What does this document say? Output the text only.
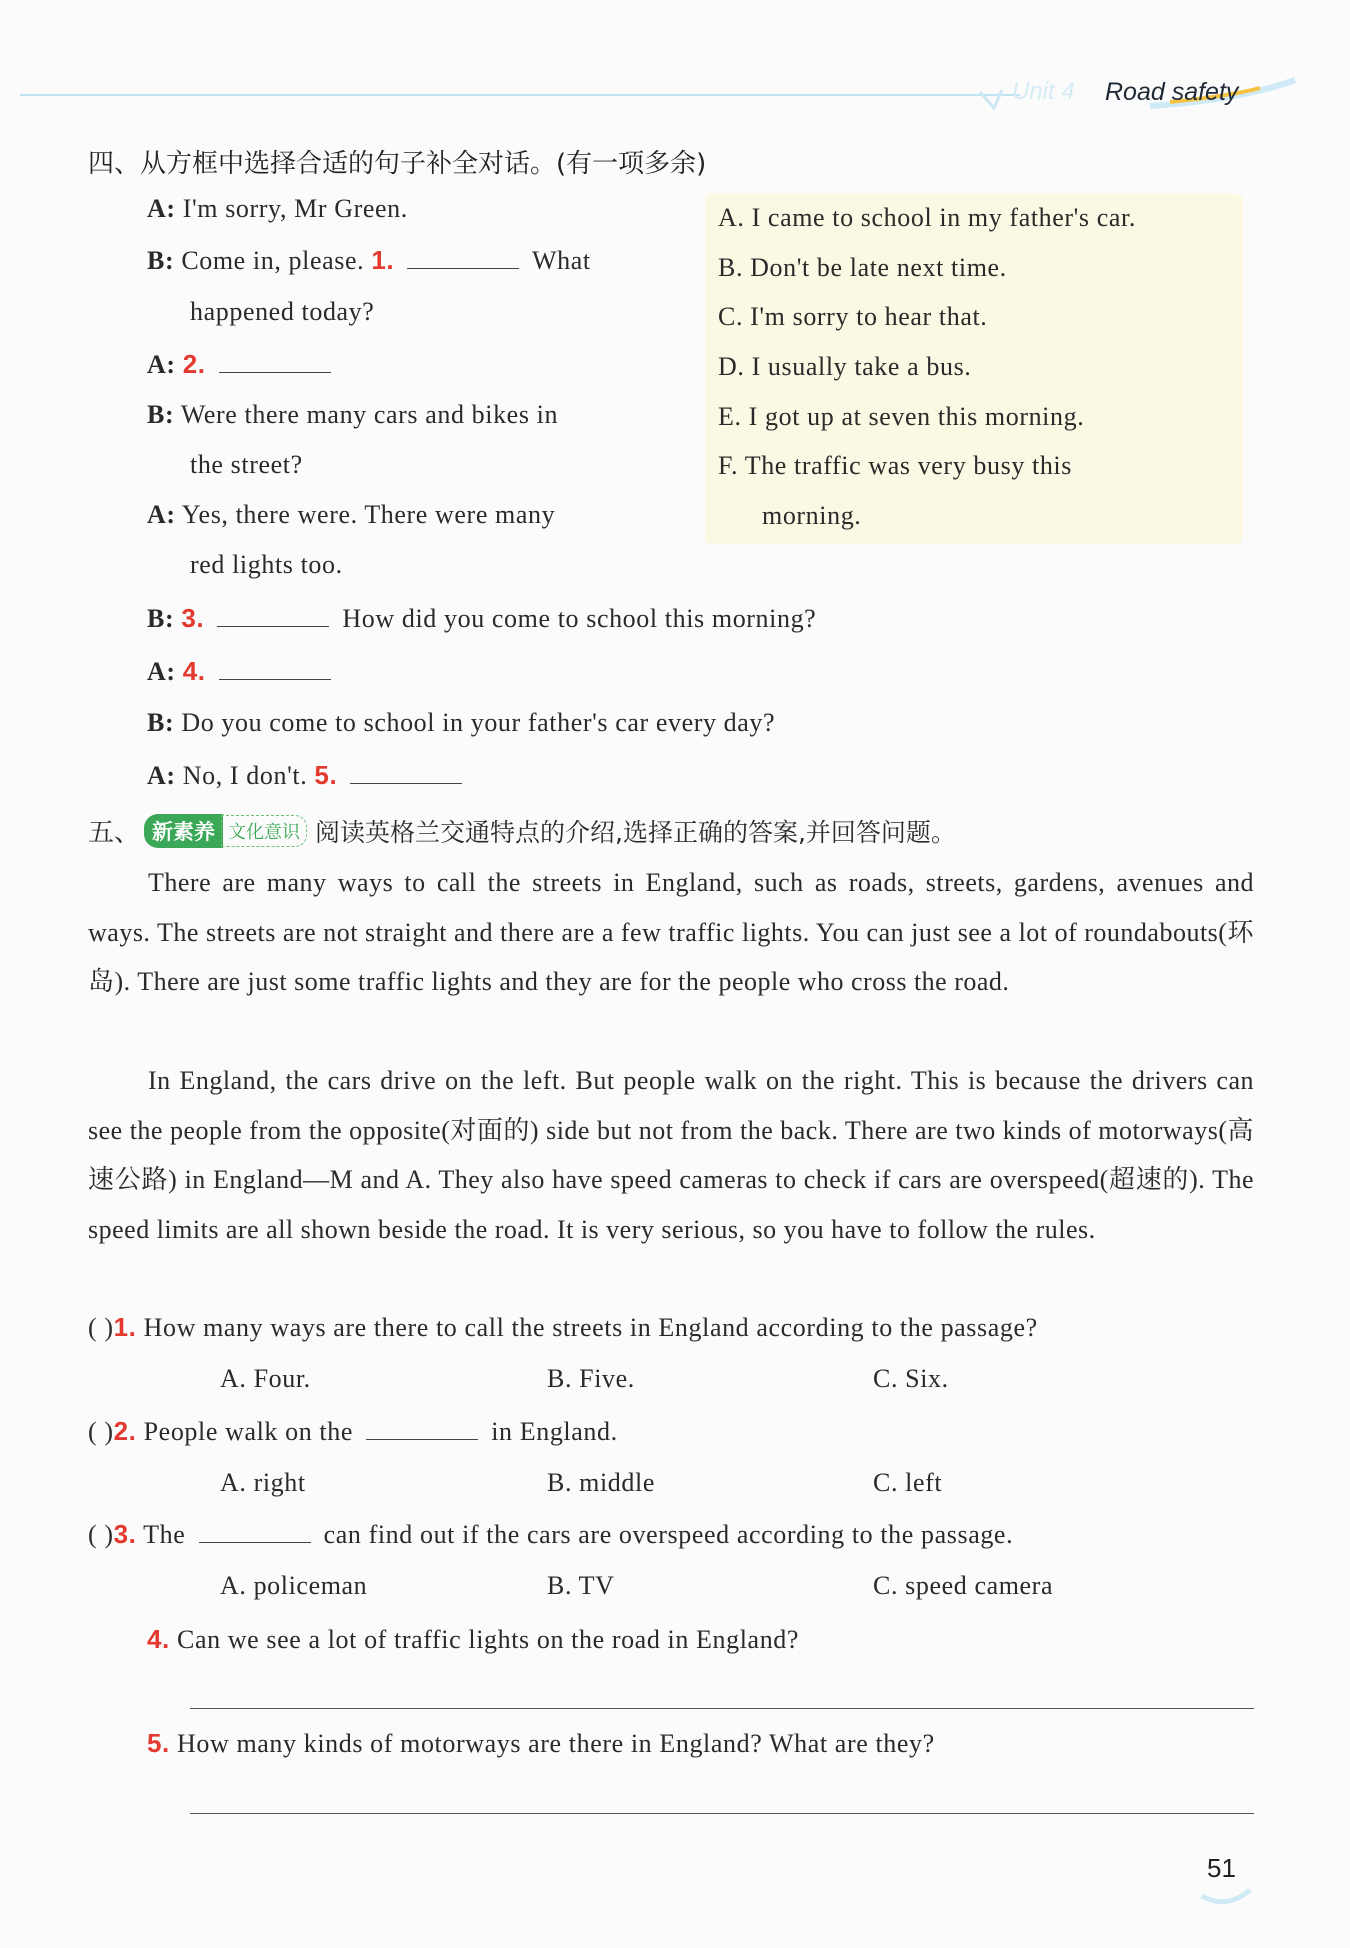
Unit 4 Road safety
四、从方框中选择合适的句子补全对话。(有一项多余)
A: I'm sorry, Mr Green.
B: Come in, please. 1.	What
happened today?
A: 2.
B: Were there many cars and bikes in
the street?
A: Yes, there were. There were many
red lights too.
B: 3.	How did you come to school this morning?
A: 4.
B: Do you come to school in your father's car every day?
A: No, I don't. 5.
A. I came to school in my father's car.
B. Don't be late next time.
C. I'm sorry to hear that.
D. I usually take a bus.
E. I got up at seven this morning.
F. The traffic was very busy this
morning.
五、 新素养 文化意识 阅读英格兰交通特点的介绍,选择正确的答案,并回答问题。
There are many ways to call the streets in England, such as roads, streets, gardens, avenues and ways. The streets are not straight and there are a few traffic lights. You can just see a lot of roundabouts(环岛). There are just some traffic lights and they are for the people who cross the road.
In England, the cars drive on the left. But people walk on the right. This is because the drivers can see the people from the opposite(对面的) side but not from the back. There are two kinds of motorways(高速公路) in England—M and A. They also have speed cameras to check if cars are overspeed(超速的). The speed limits are all shown beside the road. It is very serious, so you have to follow the rules.
( )1. How many ways are there to call the streets in England according to the passage?
A. Four.	B. Five.	C. Six.
( )2. People walk on the	in England.
A. right	B. middle	C. left
( )3. The	can find out if the cars are overspeed according to the passage.
A. policeman	B. TV	C. speed camera
4. Can we see a lot of traffic lights on the road in England?
5. How many kinds of motorways are there in England? What are they?
51
